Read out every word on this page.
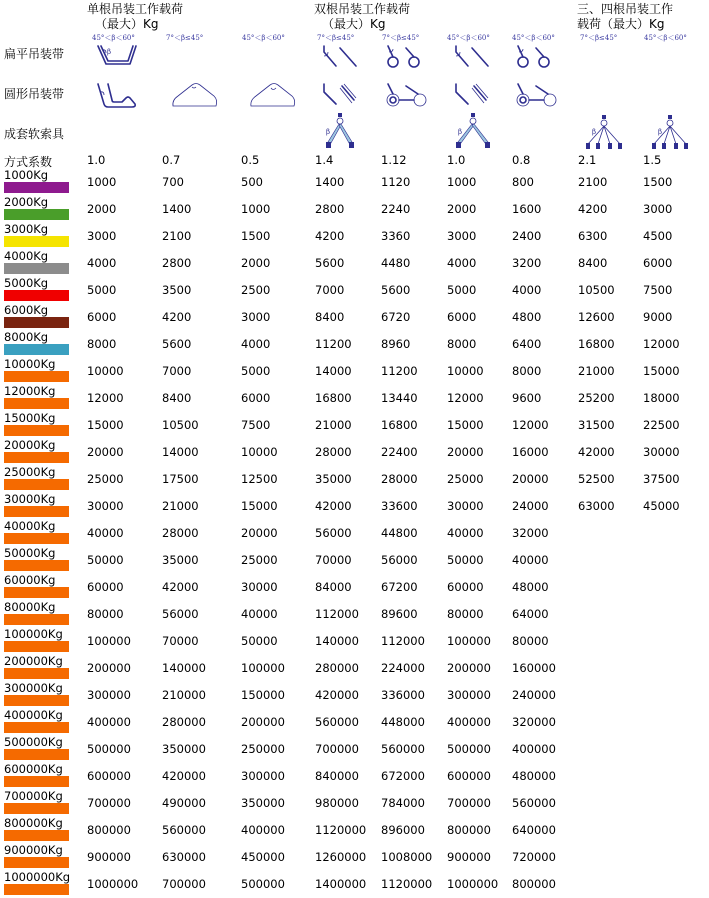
单根吊装工作载荷
（最大）Kg
双根吊装工作载荷
（最大）Kg
三、四根吊装工作
载荷（最大）Kg
45°＜β＜60°	7°＜β≤45°	45°＜β＜60°	7°＜β≤45°	7°＜β≤45°	45°＜β＜60°	45°＜β＜60°	7°＜β≤45°	45°＜β＜60°
扁平吊装带
圆形吊装带
成套软索具
方式系数
β
β	β	β	β
1.0	0.7	0.5	1.4	1.12	1.0	0.8	2.1	1.5
1000Kg	1000	700	500	1400	1120	1000	800	2100	1500
2000Kg	2000	1400	1000	2800	2240	2000	1600	4200	3000
3000Kg	3000	2100	1500	4200	3360	3000	2400	6300	4500
4000Kg	4000	2800	2000	5600	4480	4000	3200	8400	6000
5000Kg	5000	3500	2500	7000	5600	5000	4000	10500 7500
6000Kg	6000	4200	3000	8400	6720	6000	4800	12600 9000
8000Kg	8000	5600	4000	11200	8960	8000	6400	16800 12000
10000Kg	10000	7000	5000	14000	11200	10000 8000	21000 15000
12000Kg	12000	8400	6000	16800	13440	12000 9600	25200 18000
15000Kg	15000	10500	7500	21000	16800	15000 12000	31500 22500
20000Kg	20000	14000	10000	28000	22400	20000 16000	42000 30000
25000Kg	25000	17500	12500	35000	28000	25000 20000	52500 37500
30000Kg	30000	21000	15000	42000	33600	30000 24000	63000 45000
40000Kg	40000	28000	20000	56000	44800	40000 32000
50000Kg	50000	35000	25000	70000	56000	50000 40000
60000Kg	60000	42000	30000	84000	67200	60000 48000
80000Kg	80000	56000	40000	112000 89600	80000 64000
100000Kg 100000	70000	50000	140000 112000 100000 80000
200000Kg 200000	140000	100000	280000 224000 200000 160000
300000Kg 300000	210000	150000	420000 336000 300000 240000
400000Kg 400000	280000	200000	560000 448000 400000 320000
500000Kg 500000	350000	250000	700000 560000 500000 400000
600000Kg 600000	420000	300000	840000 672000 600000 480000
700000Kg 700000	490000	350000	980000 784000 700000 560000
800000Kg 800000	560000	400000	1120000 896000 800000 640000
900000Kg 900000	630000	450000	1260000 1008000 900000 720000
1000000Kg 1000000 700000	500000	1400000 1120000 1000000 800000
